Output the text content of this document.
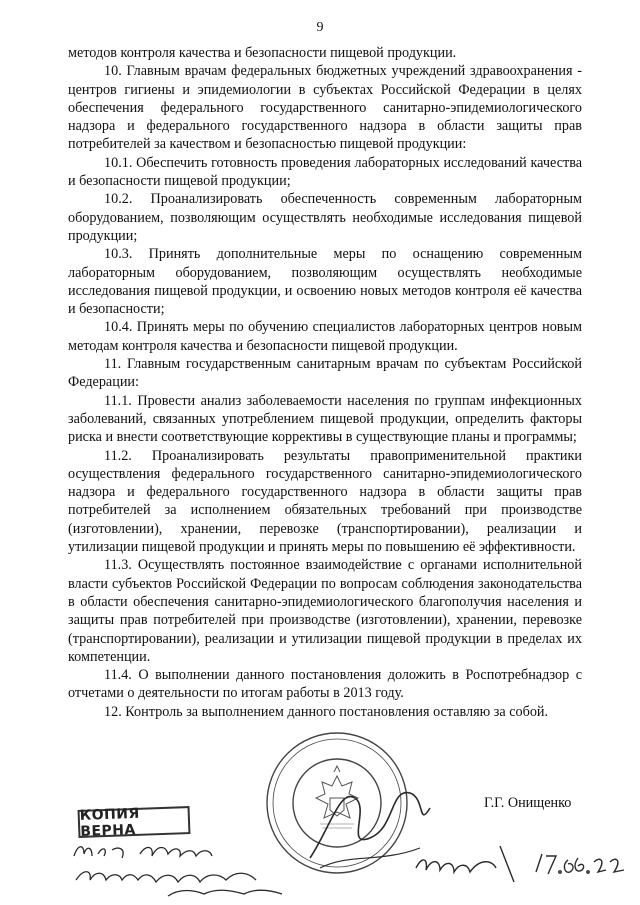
9

методов контроля качества и безопасности пищевой продукции.

10. Главным врачам федеральных бюджетных учреждений здравоохранения - центров гигиены и эпидемиологии в субъектах Российской Федерации в целях обеспечения федерального государственного санитарно-эпидемиологического надзора и федерального государственного надзора в области защиты прав потребителей за качеством и безопасностью пищевой продукции:

10.1. Обеспечить готовность проведения лабораторных исследований качества и безопасности пищевой продукции;

10.2. Проанализировать обеспеченность современным лабораторным оборудованием, позволяющим осуществлять необходимые исследования пищевой продукции;

10.3. Принять дополнительные меры по оснащению современным лабораторным оборудованием, позволяющим осуществлять необходимые исследования пищевой продукции, и освоению новых методов контроля её качества и безопасности;

10.4. Принять меры по обучению специалистов лабораторных центров новым методам контроля качества и безопасности пищевой продукции.

11. Главным государственным санитарным врачам по субъектам Российской Федерации:

11.1. Провести анализ заболеваемости населения по группам инфекционных заболеваний, связанных употреблением пищевой продукции, определить факторы риска и внести соответствующие коррективы в существующие планы и программы;

11.2. Проанализировать результаты правоприменительной практики осуществления федерального государственного санитарно-эпидемиологического надзора и федерального государственного надзора в области защиты прав потребителей за исполнением обязательных требований при производстве (изготовлении), хранении, перевозке (транспортировании), реализации и утилизации пищевой продукции и принять меры по повышению её эффективности.

11.3. Осуществлять постоянное взаимодействие с органами исполнительной власти субъектов Российской Федерации по вопросам соблюдения законодательства в области обеспечения санитарно-эпидемиологического благополучия населения и защиты прав потребителей при производстве (изготовлении), хранении, перевозке (транспортировании), реализации и утилизации пищевой продукции в пределах их компетенции.

11.4. О выполнении данного постановления доложить в Роспотребнадзор с отчетами о деятельности по итогам работы в 2013 году.

12. Контроль за выполнением данного постановления оставляю за собой.

Г.Г. Онищенко
КОПИЯ ВЕРНА
